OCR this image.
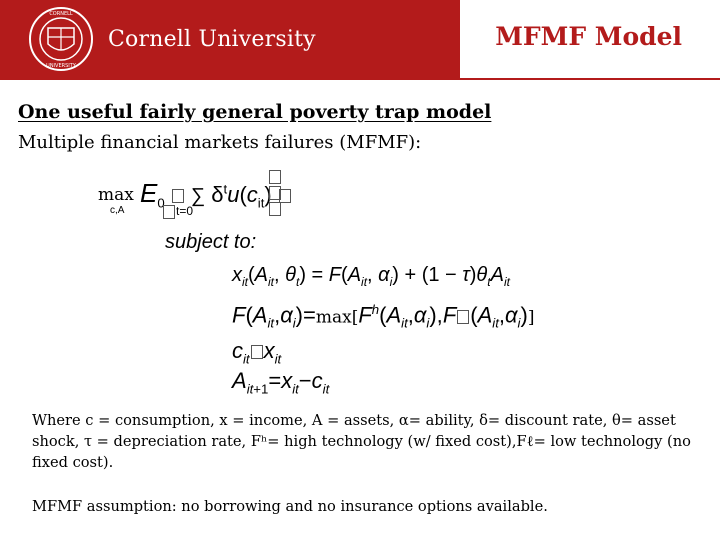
CORNELL
UNIVERSITY
Cornell University	MFMF Model
One useful fairly general poverty trap model
Multiple financial markets failures (MFMF):
$\max E_0$ ∑ $\delta^tu(c_{it})$
c,A	t=0

subject to:
$x_{it}(A_{it}$, $\theta_t) = F(A_{it}$, $\alpha_i) + (1 - \tau)\theta_tA_{it}$
$F(A_{it},\alpha_i)=\max[F^h(A_{it},\alpha_i),F$ $(A_{it},\alpha_i)$]
$c_{it}$ $x_{it}$
$A_{it+1}=x_{it}-c_{it}$
Where c = consumption, x = income, A = assets, α= ability, δ= discount rate, θ= asset shock, τ = depreciation rate, Fʰ= high technology (w/ fixed cost),Fℓ= low technology (no fixed cost).
MFMF assumption: no borrowing and no insurance options available.
